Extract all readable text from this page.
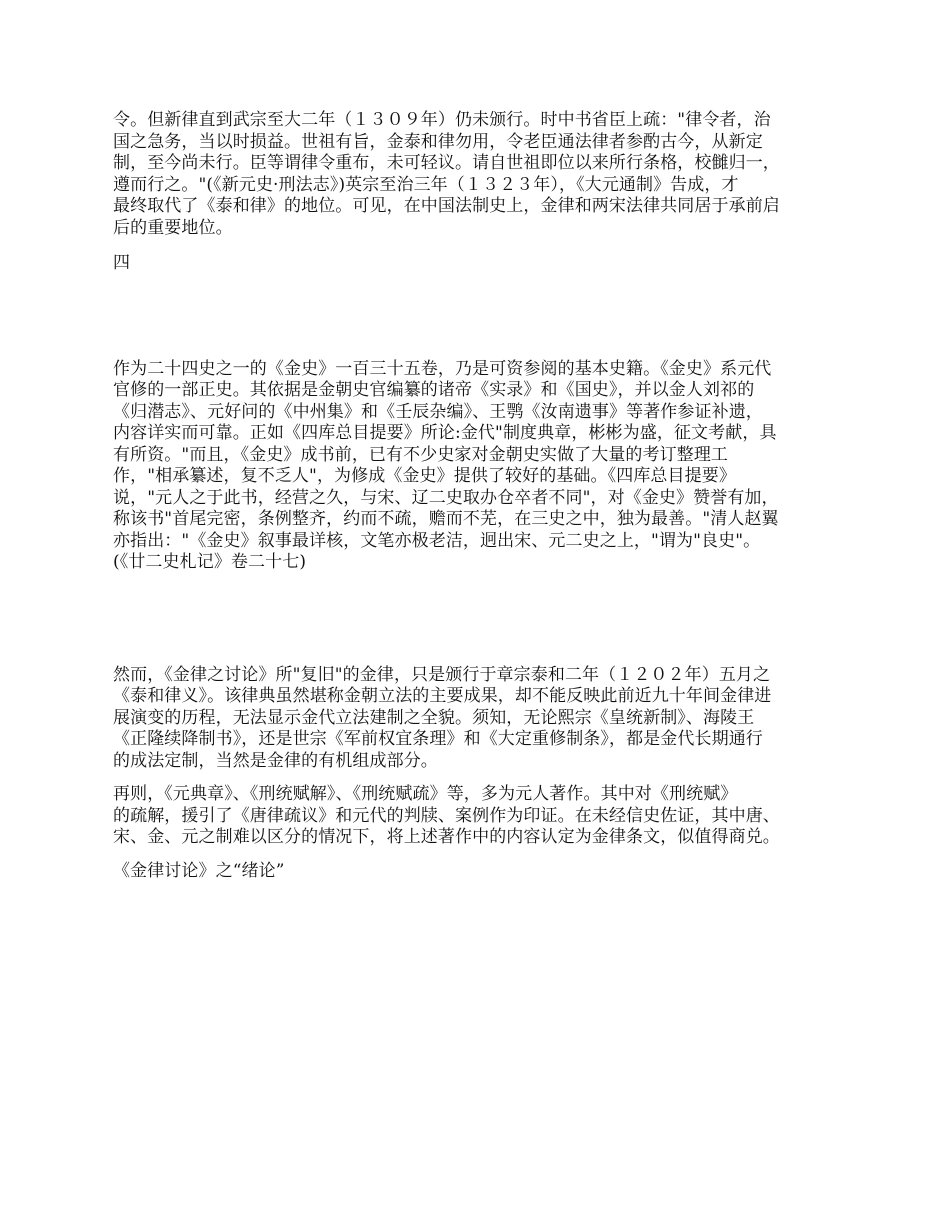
令。但新律直到武宗至大二年（１３０９年）仍未颁行。时中书省臣上疏："律令者，治
国之急务，当以时损益。世祖有旨，金泰和律勿用，令老臣通法律者参酌古今，从新定
制，至今尚未行。臣等谓律令重布，未可轻议。请自世祖即位以来所行条格，校雠归一，
遵而行之。"(《新元史·刑法志》)英宗至治三年（１３２３年），《大元通制》告成，才
最终取代了《泰和律》的地位。可见，在中国法制史上，金律和两宋法律共同居于承前启
后的重要地位。

四

作为二十四史之一的《金史》一百三十五卷，乃是可资参阅的基本史籍。《金史》系元代
官修的一部正史。其依据是金朝史官编纂的诸帝《实录》和《国史》，并以金人刘祁的
《归潜志》、元好问的《中州集》和《壬辰杂编》、王鹗《汝南遗事》等著作参证补遗，
内容详实而可靠。正如《四库总目提要》所论:金代"制度典章，彬彬为盛，征文考献，具
有所资。"而且，《金史》成书前，已有不少史家对金朝史实做了大量的考订整理工
作，"相承纂述，复不乏人"，为修成《金史》提供了较好的基础。《四库总目提要》
说，"元人之于此书，经营之久，与宋、辽二史取办仓卒者不同"，对《金史》赞誉有加，
称该书"首尾完密，条例整齐，约而不疏，赡而不芜，在三史之中，独为最善。"清人赵翼
亦指出："《金史》叙事最详核，文笔亦极老洁，迥出宋、元二史之上，"谓为"良史"。
(《廿二史札记》卷二十七)

然而，《金律之讨论》所"复旧"的金律，只是颁行于章宗泰和二年（１２０２年）五月之
《泰和律义》。该律典虽然堪称金朝立法的主要成果，却不能反映此前近九十年间金律进
展演变的历程，无法显示金代立法建制之全貌。须知，无论熙宗《皇统新制》、海陵王
《正隆续降制书》，还是世宗《军前权宜条理》和《大定重修制条》，都是金代长期通行
的成法定制，当然是金律的有机组成部分。

再则，《元典章》、《刑统赋解》、《刑统赋疏》等，多为元人著作。其中对《刑统赋》
的疏解，援引了《唐律疏议》和元代的判牍、案例作为印证。在未经信史佐证，其中唐、
宋、金、元之制难以区分的情况下，将上述著作中的内容认定为金律条文，似值得商兑。

《金律讨论》之“绪论”
